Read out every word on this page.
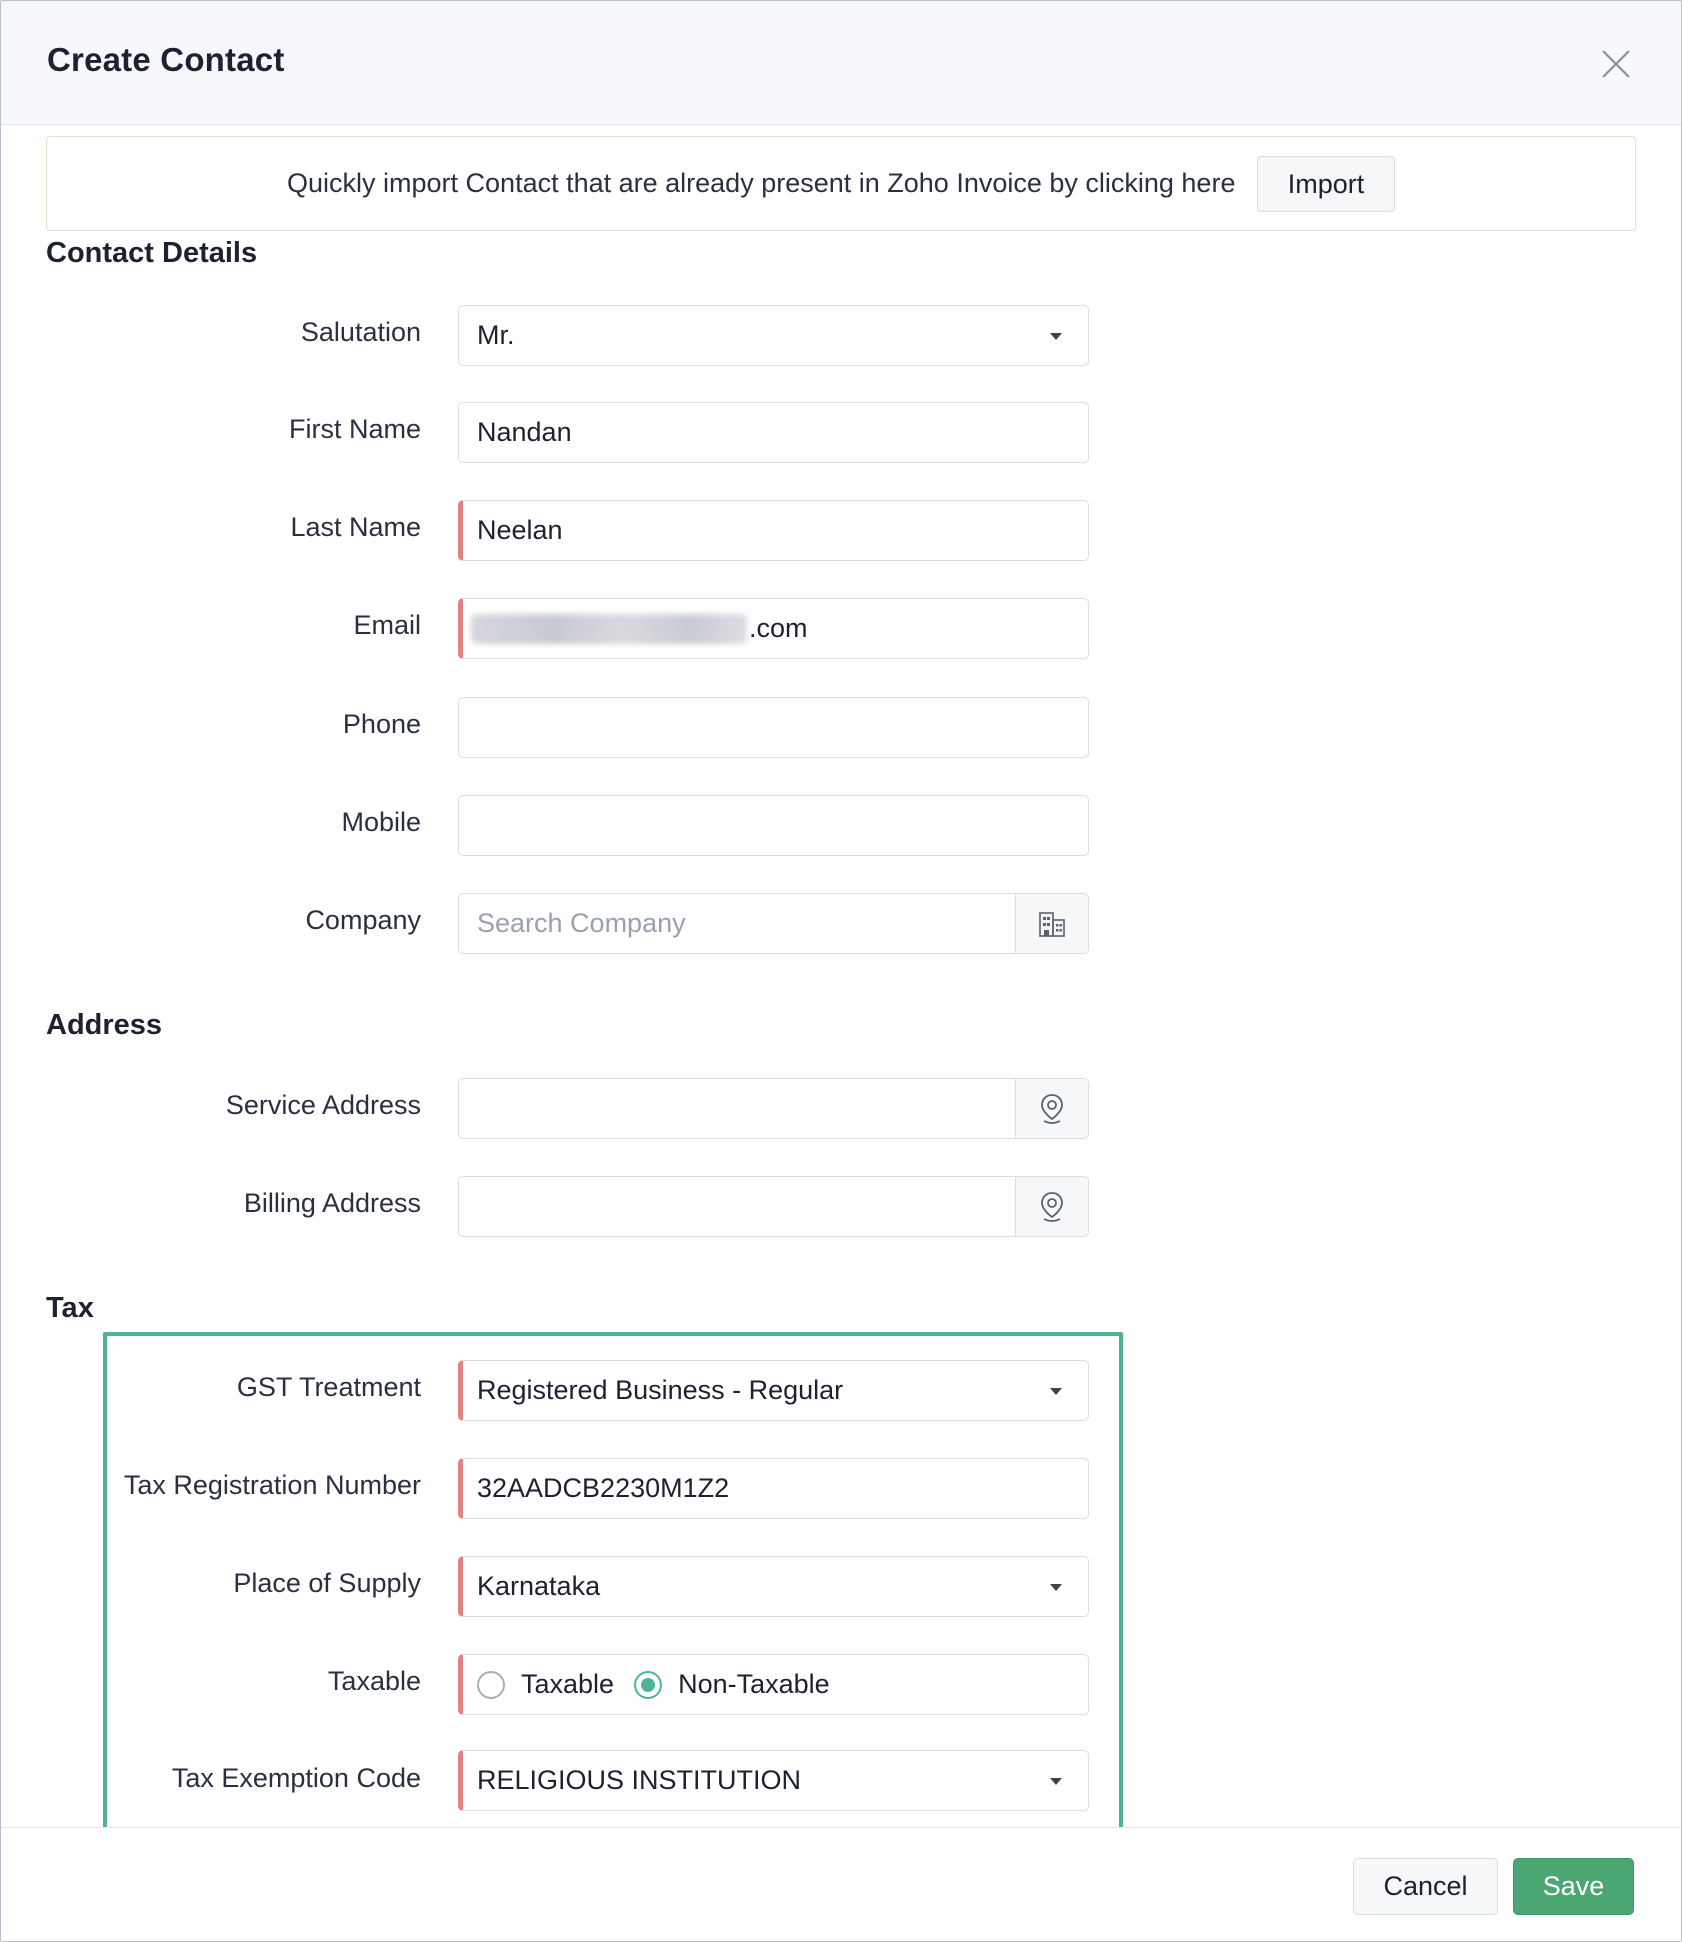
Create Contact
Quickly import Contact that are already present in Zoho Invoice by clicking here	Import
Contact Details
Salutation Mr.
First Name Nandan
Last Name Neelan
Email	.com
Phone
Mobile
Company Search Company
Address
Service Address
Billing Address
Tax
GST Treatment Registered Business - Regular
Tax Registration Number 32AADCB2230M1Z2
Place of Supply Karnataka
Taxable	Taxable Non-Taxable
Tax Exemption Code RELIGIOUS INSTITUTION
Cancel	Save
